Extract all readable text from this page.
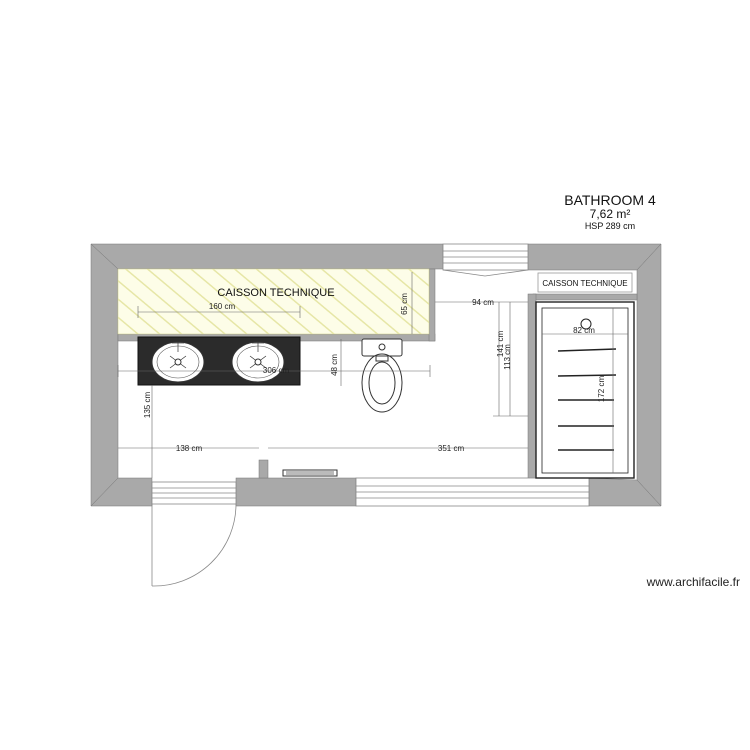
CAISSON TECHNIQUE
CAISSON TECHNIQUE
160 cm	65 cm
306 cm	48 cm
135 cm
138 cm	351 cm
94 cm
141 cm
113 cm
82 cm
172 cm
BATHROOM 4
7,62 m²
HSP 289 cm
www.archifacile.fr
